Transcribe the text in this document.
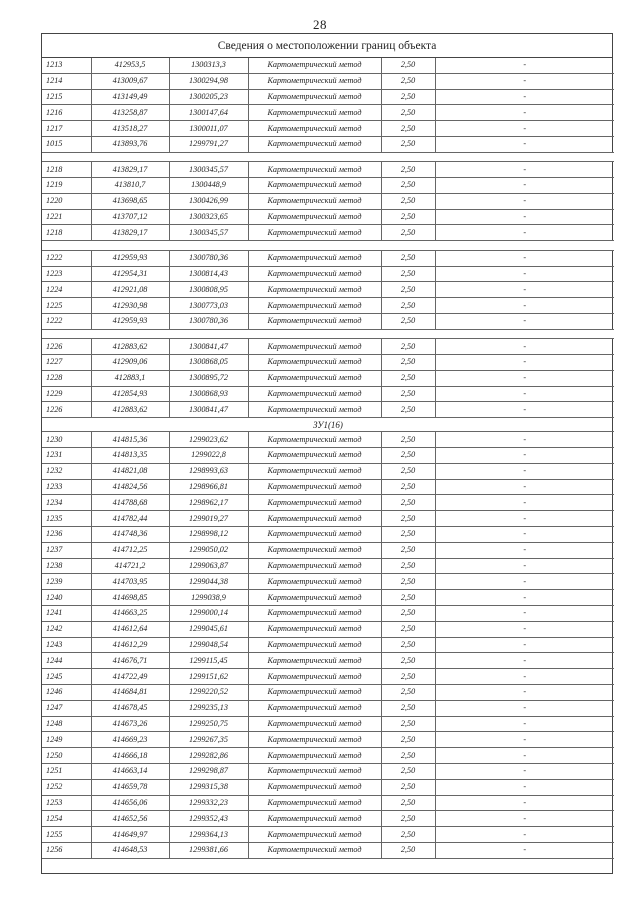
28
Сведения о местоположении границ объекта
1213	412953,5	1300313,3	Картометрический метод	2,50	-
1214	413009,67	1300294,98	Картометрический метод	2,50	-
1215	413149,49	1300205,23	Картометрический метод	2,50	-
1216	413258,87	1300147,64	Картометрический метод	2,50	-
1217	413518,27	1300011,07	Картометрический метод	2,50	-
1015	413893,76	1299791,27	Картометрический метод	2,50	-

1218	413829,17	1300345,57	Картометрический метод	2,50	-
1219	413810,7	1300448,9	Картометрический метод	2,50	-
1220	413698,65	1300426,99	Картометрический метод	2,50	-
1221	413707,12	1300323,65	Картометрический метод	2,50	-
1218	413829,17	1300345,57	Картометрический метод	2,50	-

1222	412959,93	1300780,36	Картометрический метод	2,50	-
1223	412954,31	1300814,43	Картометрический метод	2,50	-
1224	412921,08	1300808,95	Картометрический метод	2,50	-
1225	412930,98	1300773,03	Картометрический метод	2,50	-
1222	412959,93	1300780,36	Картометрический метод	2,50	-

1226	412883,62	1300841,47	Картометрический метод	2,50	-
1227	412909,06	1300868,05	Картометрический метод	2,50	-
1228	412883,1	1300895,72	Картометрический метод	2,50	-
1229	412854,93	1300868,93	Картометрический метод	2,50	-
1226	412883,62	1300841,47	Картометрический метод	2,50	-
ЗУ1(16)					
1230	414815,36	1299023,62	Картометрический метод	2,50	-
1231	414813,35	1299022,8	Картометрический метод	2,50	-
1232	414821,08	1298993,63	Картометрический метод	2,50	-
1233	414824,56	1298966,81	Картометрический метод	2,50	-
1234	414788,68	1298962,17	Картометрический метод	2,50	-
1235	414782,44	1299019,27	Картометрический метод	2,50	-
1236	414748,36	1298998,12	Картометрический метод	2,50	-
1237	414712,25	1299050,02	Картометрический метод	2,50	-
1238	414721,2	1299063,87	Картометрический метод	2,50	-
1239	414703,95	1299044,38	Картометрический метод	2,50	-
1240	414698,85	1299038,9	Картометрический метод	2,50	-
1241	414663,25	1299000,14	Картометрический метод	2,50	-
1242	414612,64	1299045,61	Картометрический метод	2,50	-
1243	414612,29	1299048,54	Картометрический метод	2,50	-
1244	414676,71	1299115,45	Картометрический метод	2,50	-
1245	414722,49	1299151,62	Картометрический метод	2,50	-
1246	414684,81	1299220,52	Картометрический метод	2,50	-
1247	414678,45	1299235,13	Картометрический метод	2,50	-
1248	414673,26	1299250,75	Картометрический метод	2,50	-
1249	414669,23	1299267,35	Картометрический метод	2,50	-
1250	414666,18	1299282,86	Картометрический метод	2,50	-
1251	414663,14	1299298,87	Картометрический метод	2,50	-
1252	414659,78	1299315,38	Картометрический метод	2,50	-
1253	414656,06	1299332,23	Картометрический метод	2,50	-
1254	414652,56	1299352,43	Картометрический метод	2,50	-
1255	414649,97	1299364,13	Картометрический метод	2,50	-
1256	414648,53	1299381,66	Картометрический метод	2,50	-
